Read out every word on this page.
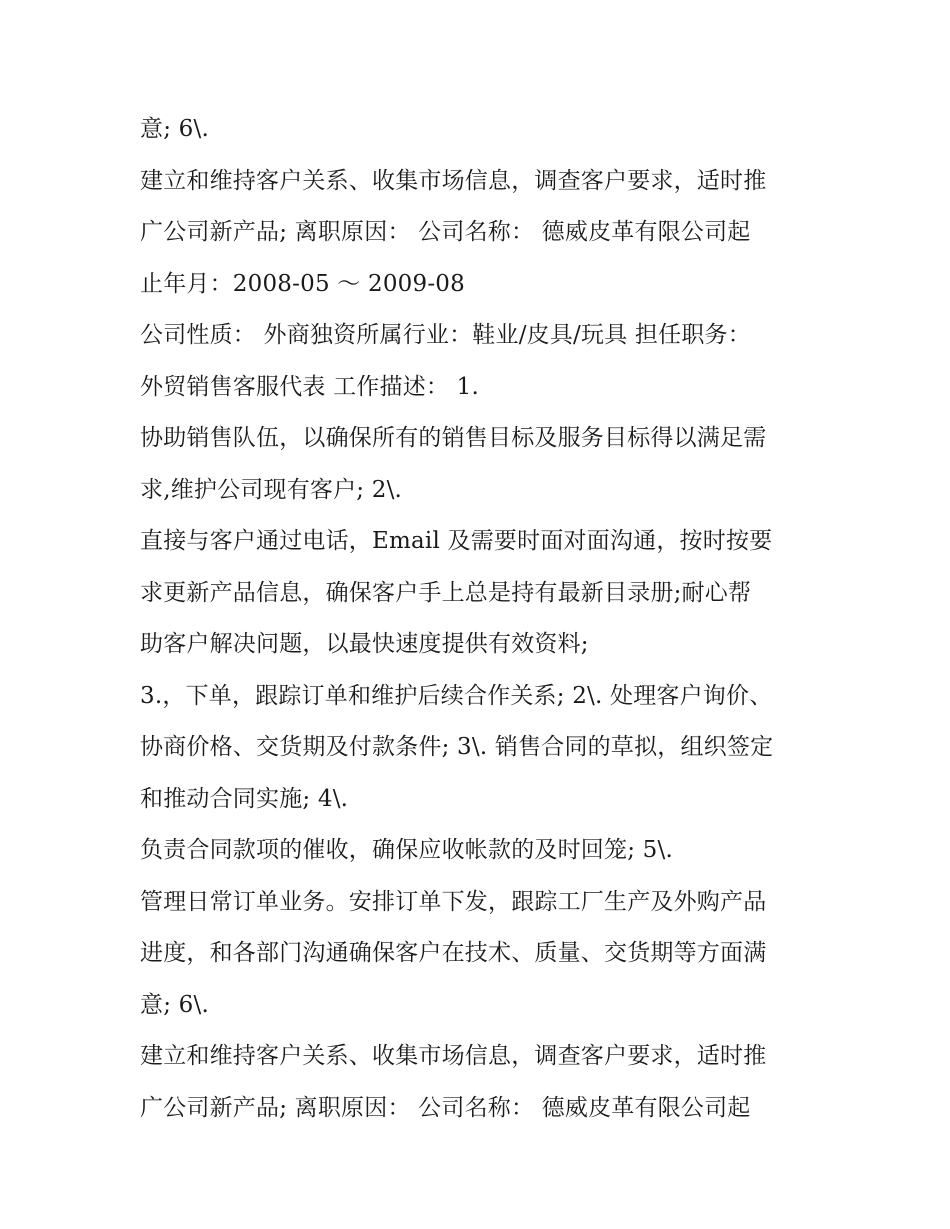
意; 6\.
建立和维持客户关系、收集市场信息，调查客户要求，适时推
广公司新产品; 离职原因： 公司名称： 德威皮革有限公司起
止年月：2008-05 ～ 2009-08
公司性质： 外商独资所属行业：鞋业/皮具/玩具 担任职务：
外贸销售客服代表 工作描述： 1.
协助销售队伍，以确保所有的销售目标及服务目标得以满足需
求,维护公司现有客户; 2\.
直接与客户通过电话，Email 及需要时面对面沟通，按时按要
求更新产品信息，确保客户手上总是持有最新目录册;耐心帮
助客户解决问题，以最快速度提供有效资料;
3.，下单，跟踪订单和维护后续合作关系; 2\. 处理客户询价、
协商价格、交货期及付款条件; 3\. 销售合同的草拟，组织签定
和推动合同实施; 4\.
负责合同款项的催收，确保应收帐款的及时回笼; 5\.
管理日常订单业务。安排订单下发，跟踪工厂生产及外购产品
进度，和各部门沟通确保客户在技术、质量、交货期等方面满
意; 6\.
建立和维持客户关系、收集市场信息，调查客户要求，适时推
广公司新产品; 离职原因： 公司名称： 德威皮革有限公司起
